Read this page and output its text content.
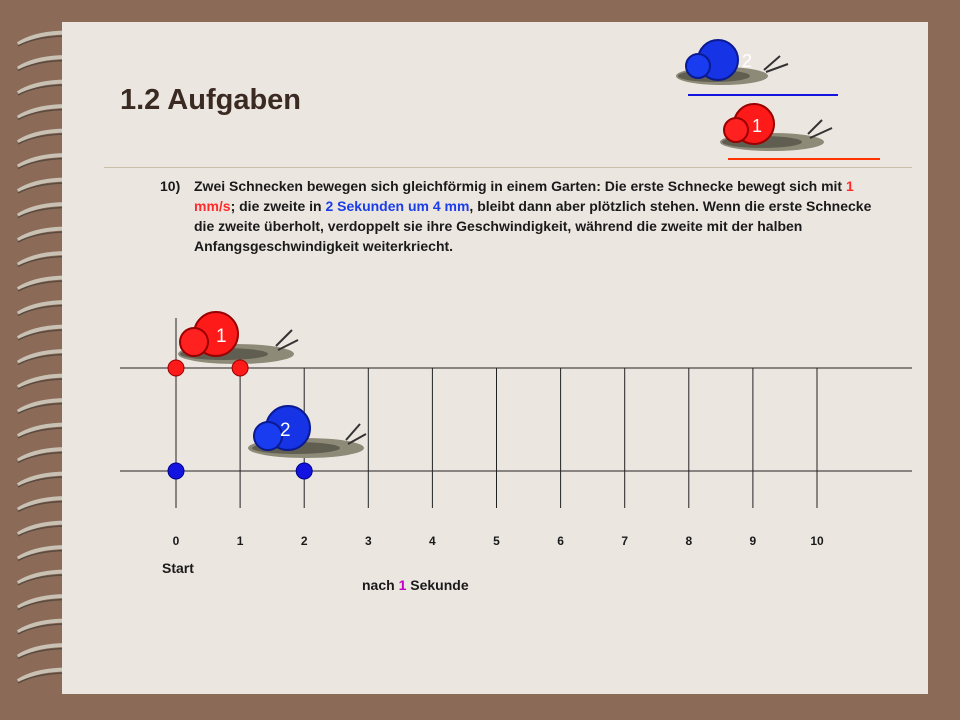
1.2 Aufgaben
2
1
10) Zwei Schnecken bewegen sich gleichförmig in einem Garten: Die erste Schnecke bewegt sich mit 1 mm/s; die zweite in 2 Sekunden um 4 mm, bleibt dann aber plötzlich stehen. Wenn die erste Schnecke die zweite überholt, verdoppelt sie ihre Geschwindigkeit, während die zweite mit der halben Anfangsgeschwindigkeit weiterkriecht.
1
2
0	1	2	3	4	5	6	7	8	9	10
Start
nach 1 Sekunde
